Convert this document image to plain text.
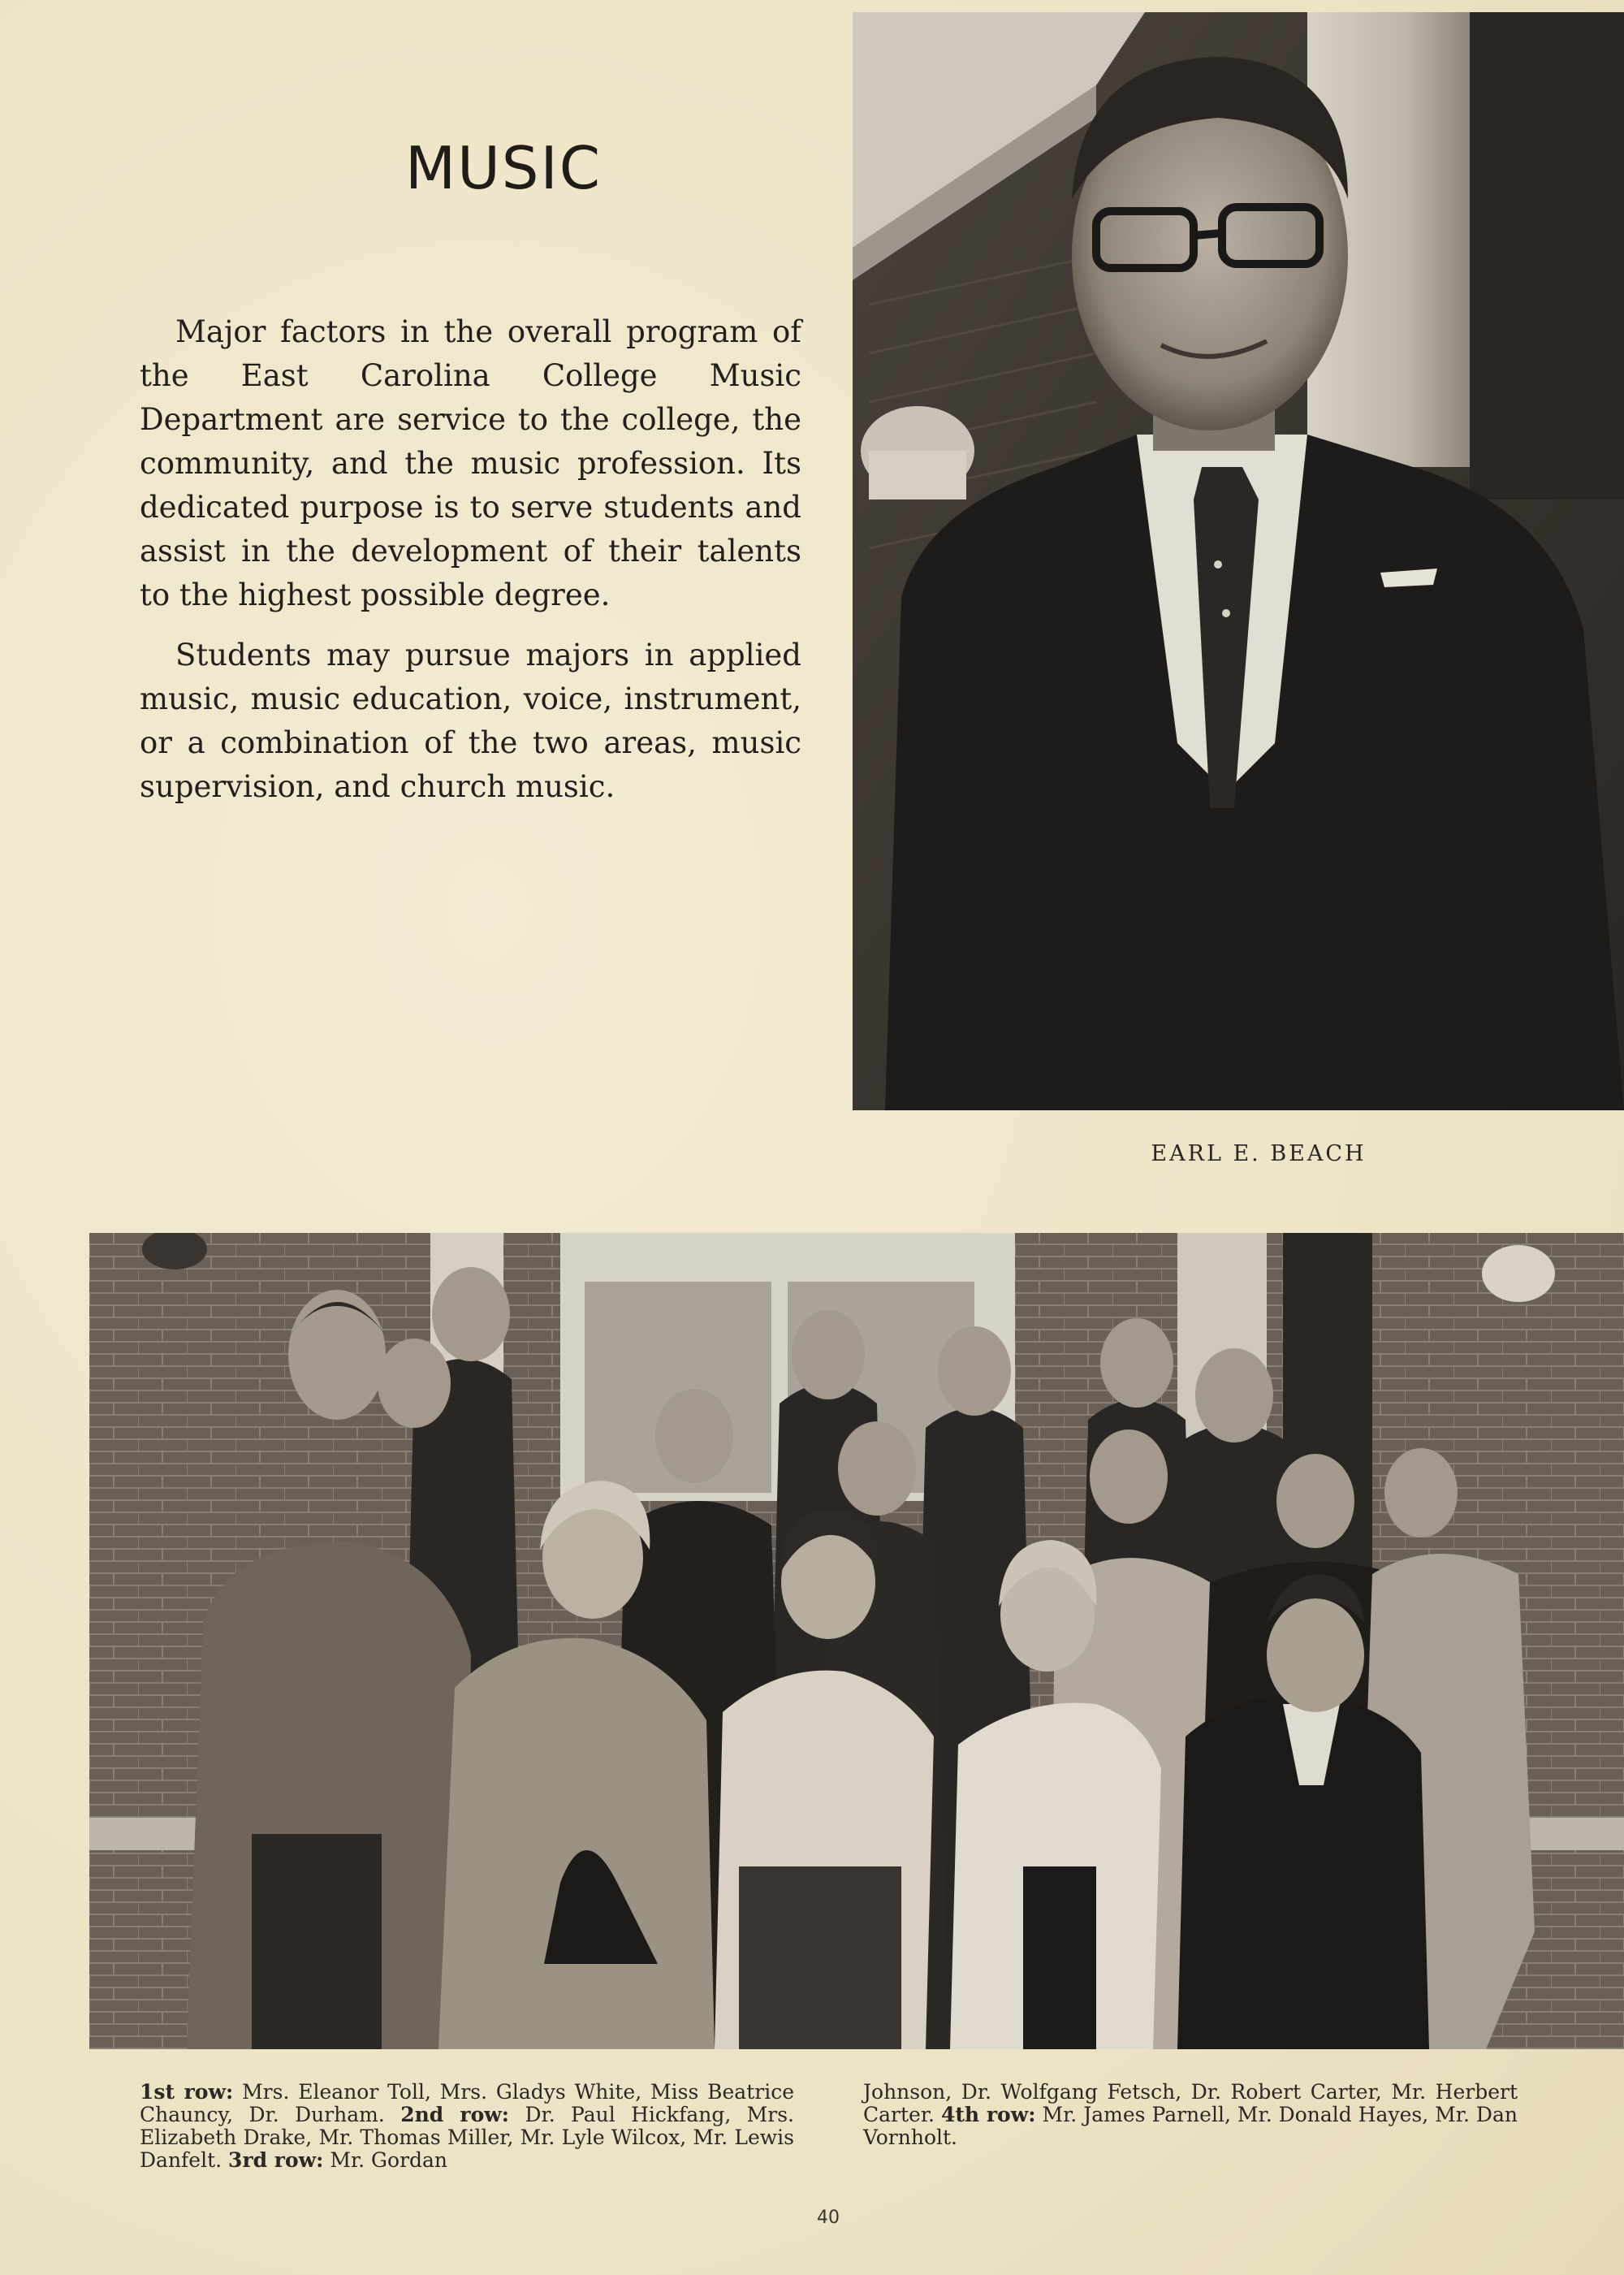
MUSIC

Major factors in the overall program of the East Carolina College Music Department are service to the college, the community, and the music profession. Its dedicated purpose is to serve students and assist in the development of their talents to the highest possible degree.

Students may pursue majors in applied music, music education, voice, instrument, or a combination of the two areas, music supervision, and church music.

EARL E. BEACH
1st row: Mrs. Eleanor Toll, Mrs. Gladys White, Miss Beatrice Chauncy, Dr. Durham. 2nd row: Dr. Paul Hickfang, Mrs. Elizabeth Drake, Mr. Thomas Miller, Mr. Lyle Wilcox, Mr. Lewis Danfelt. 3rd row: Mr. Gordan
Johnson, Dr. Wolfgang Fetsch, Dr. Robert Carter, Mr. Herbert Carter. 4th row: Mr. James Parnell, Mr. Donald Hayes, Mr. Dan Vornholt.
40
